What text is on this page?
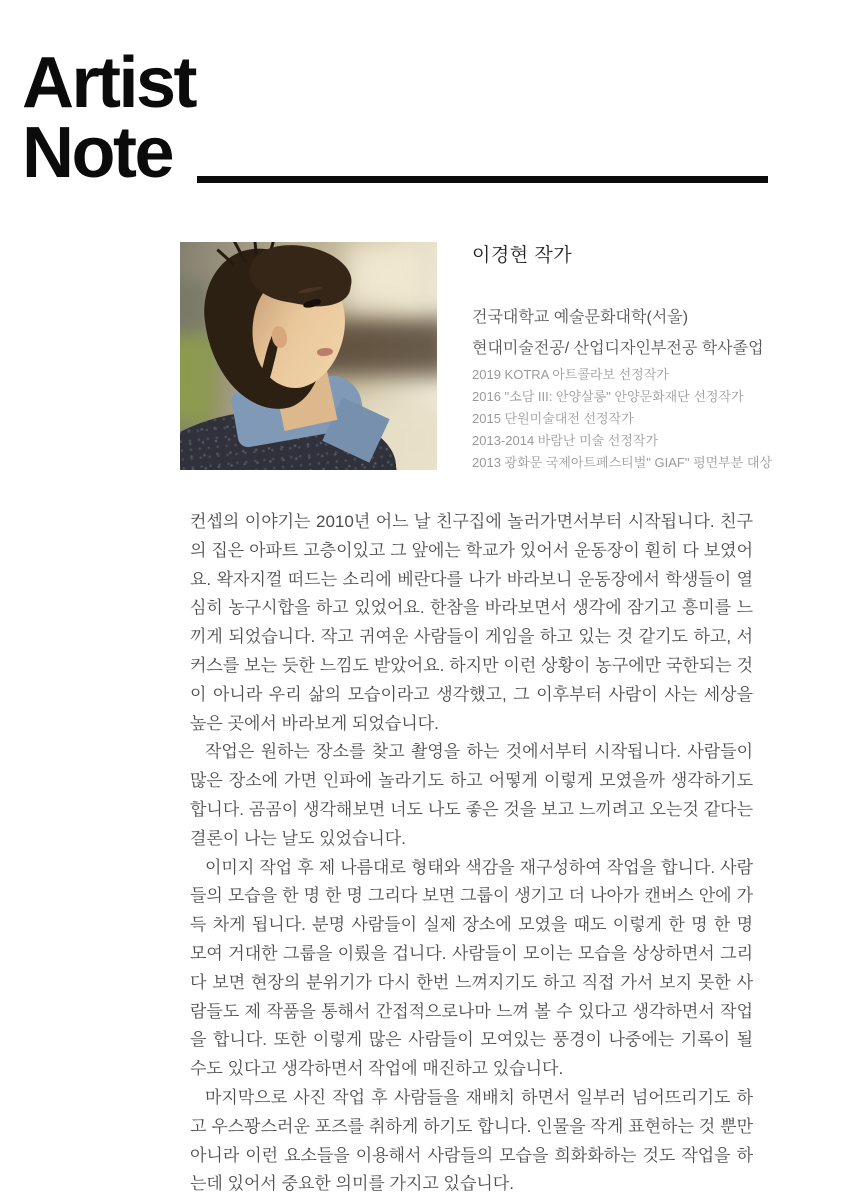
Artist
Note
이경현 작가
건국대학교 예술문화대학(서울)
현대미술전공/ 산업디자인부전공 학사졸업
2019 KOTRA 아트콜라보 선정작가
2016 "소담 III: 안양살롱" 안양문화재단 선정작가
2015 단원미술대전 선정작가
2013-2014 바람난 미술 선정작가
2013 광화문 국제아트페스티벌" GIAF" 평면부분 대상

컨셉의 이야기는 2010년 어느 날 친구집에 놀러가면서부터 시작됩니다. 친구의 집은 아파트 고층이있고 그 앞에는 학교가 있어서 운동장이 훤히 다 보였어요. 왁자지껄 떠드는 소리에 베란다를 나가 바라보니 운동장에서 학생들이 열심히 농구시합을 하고 있었어요. 한참을 바라보면서 생각에 잠기고 흥미를 느끼게 되었습니다. 작고 귀여운 사람들이 게임을 하고 있는 것 같기도 하고, 서커스를 보는 듯한 느낌도 받았어요. 하지만 이런 상황이 농구에만 국한되는 것이 아니라 우리 삶의 모습이라고 생각했고, 그 이후부터 사람이 사는 세상을 높은 곳에서 바라보게 되었습니다.

작업은 원하는 장소를 찾고 촬영을 하는 것에서부터 시작됩니다. 사람들이 많은 장소에 가면 인파에 놀라기도 하고 어떻게 이렇게 모였을까 생각하기도 합니다. 곰곰이 생각해보면 너도 나도 좋은 것을 보고 느끼려고 오는것 같다는 결론이 나는 날도 있었습니다.

이미지 작업 후 제 나름대로 형태와 색감을 재구성하여 작업을 합니다. 사람들의 모습을 한 명 한 명 그리다 보면 그룹이 생기고 더 나아가 캔버스 안에 가득 차게 됩니다. 분명 사람들이 실제 장소에 모였을 때도 이렇게 한 명 한 명 모여 거대한 그룹을 이뤘을 겁니다. 사람들이 모이는 모습을 상상하면서 그리다 보면 현장의 분위기가 다시 한번 느껴지기도 하고 직접 가서 보지 못한 사람들도 제 작품을 통해서 간접적으로나마 느껴 볼 수 있다고 생각하면서 작업을 합니다. 또한 이렇게 많은 사람들이 모여있는 풍경이 나중에는 기록이 될 수도 있다고 생각하면서 작업에 매진하고 있습니다.

마지막으로 사진 작업 후 사람들을 재배치 하면서 일부러 넘어뜨리기도 하고 우스꽝스러운 포즈를 취하게 하기도 합니다. 인물을 작게 표현하는 것 뿐만 아니라 이런 요소들을 이용해서 사람들의 모습을 희화화하는 것도 작업을 하는데 있어서 중요한 의미를 가지고 있습니다.
